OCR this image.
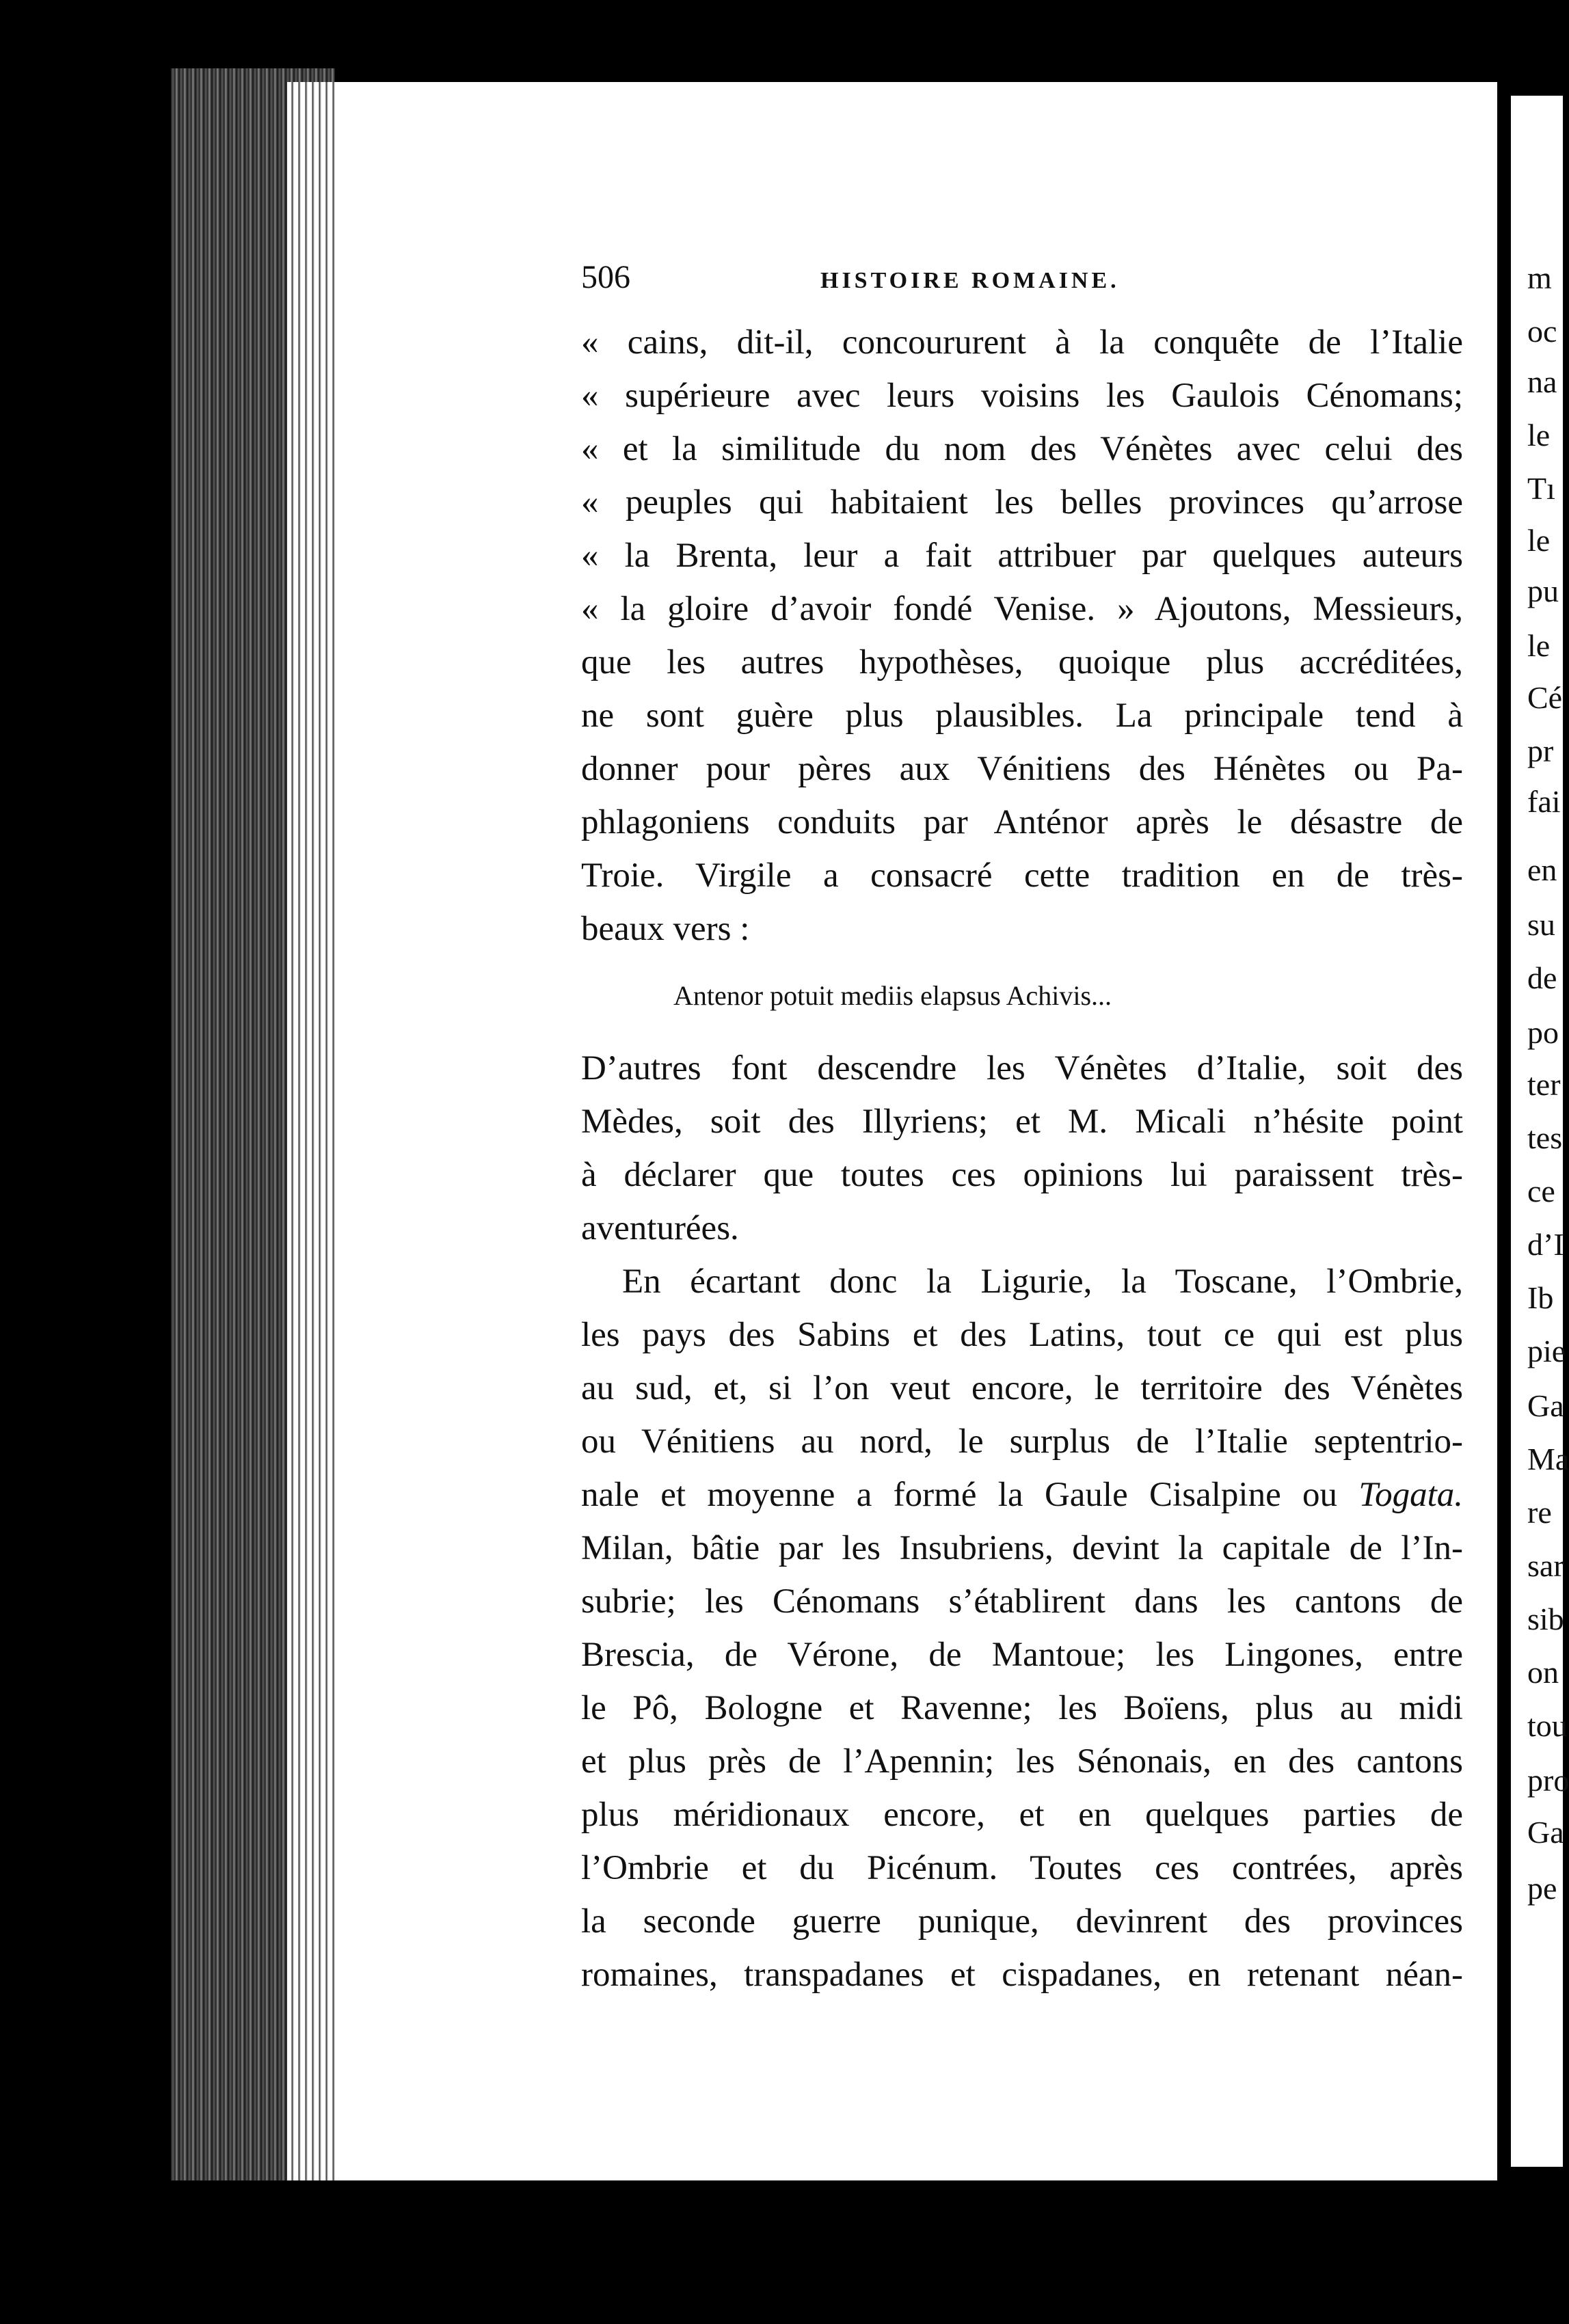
506	HISTOIRE ROMAINE.
« cains, dit-il, concoururent à la conquête de l’Italie
« supérieure avec leurs voisins les Gaulois Cénomans;
« et la similitude du nom des Vénètes avec celui des
« peuples qui habitaient les belles provinces qu’arrose
« la Brenta, leur a fait attribuer par quelques auteurs
« la gloire d’avoir fondé Venise. » Ajoutons, Messieurs,
que les autres hypothèses, quoique plus accréditées,
ne sont guère plus plausibles. La principale tend à
donner pour pères aux Vénitiens des Hénètes ou Pa-
phlagoniens conduits par Anténor après le désastre de
Troie. Virgile a consacré cette tradition en de très-
beaux vers :
Antenor potuit mediis elapsus Achivis...
D’autres font descendre les Vénètes d’Italie, soit des
Mèdes, soit des Illyriens; et M. Micali n’hésite point
à déclarer que toutes ces opinions lui paraissent très-
aventurées.
En écartant donc la Ligurie, la Toscane, l’Ombrie,
les pays des Sabins et des Latins, tout ce qui est plus
au sud, et, si l’on veut encore, le territoire des Vénètes
ou Vénitiens au nord, le surplus de l’Italie septentrio-
nale et moyenne a formé la Gaule Cisalpine ou Togata.
Milan, bâtie par les Insubriens, devint la capitale de l’In-
subrie; les Cénomans s’établirent dans les cantons de
Brescia, de Vérone, de Mantoue; les Lingones, entre
le Pô, Bologne et Ravenne; les Boïens, plus au midi
et plus près de l’Apennin; les Sénonais, en des cantons
plus méridionaux encore, et en quelques parties de
l’Ombrie et du Picénum. Toutes ces contrées, après
la seconde guerre punique, devinrent des provinces
romaines, transpadanes et cispadanes, en retenant néan-
m
oc
na
le
Tı
le
pu
le
Cé
pr
fai
en
su
de
po
ter
tes
ce
d’I
Ib
pie
Ga
Ma
re
sar
sib
on
tou
pro
Ga
pe
